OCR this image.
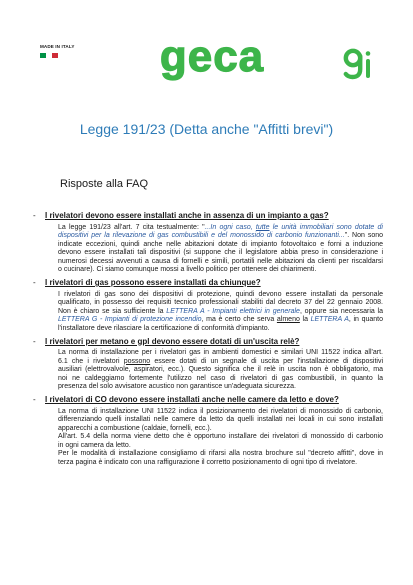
MADE IN ITALY geca
Legge 191/23 (Detta anche "Affitti brevi")
Risposte alla FAQ
- I rivelatori devono essere installati anche in assenza di un impianto a gas?
La legge 191/23 all'art. 7 cita testualmente: "...In ogni caso, tutte le unità immobiliari sono dotate di
dispositivi per la rilevazione di gas combustibili e del monossido di carbonio funzionanti...". Non sono
indicate eccezioni, quindi anche nelle abitazioni dotate di impianto fotovoltaico e forni a induzione
devono essere installati tali dispositivi (si suppone che il legislatore abbia preso in considerazione i
numerosi decessi avvenuti a causa di fornelli e simili, portatili nelle abitazioni da clienti per riscaldarsi
o cucinare). Ci siamo comunque mossi a livello politico per ottenere dei chiarimenti.
- I rivelatori di gas possono essere installati da chiunque?
I rivelatori di gas sono dei dispositivi di protezione, quindi devono essere installati da personale
qualificato, in possesso dei requisiti tecnico professionali stabiliti dal decreto 37 del 22 gennaio 2008.
Non è chiaro se sia sufficiente la LETTERA A - Impianti elettrici in generale, oppure sia necessaria la
LETTERA G - Impianti di protezione incendio, ma è certo che serva almeno la LETTERA A, in quanto
l'installatore deve rilasciare la certificazione di conformità d'impianto.
- I rivelatori per metano e gpl devono essere dotati di un'uscita relè?
La norma di installazione per i rivelatori gas in ambienti domestici e similari UNI 11522 indica all'art.
6.1 che i rivelatori possono essere dotati di un segnale di uscita per l'installazione di dispositivi
ausiliari (elettrovalvole, aspiratori, ecc.). Questo significa che il relè in uscita non è obbligatorio, ma
noi ne caldeggiamo fortemente l'utilizzo nel caso di rivelatori di gas combustibili, in quanto la
presenza del solo avvisatore acustico non garantisce un'adeguata sicurezza.
- I rivelatori di CO devono essere installati anche nelle camere da letto e dove?
La norma di installazione UNI 11522 indica il posizionamento dei rivelatori di monossido di carbonio,
differenziando quelli installati nelle camere da letto da quelli installati nei locali in cui sono installati
apparecchi a combustione (caldaie, fornelli, ecc.).
All'art. 5.4 della norma viene detto che è opportuno installare dei rivelatori di monossido di carbonio
in ogni camera da letto.
Per le modalità di installazione consigliamo di rifarsi alla nostra brochure sul "decreto affitti", dove in
terza pagina è indicato con una raffigurazione il corretto posizionamento di ogni tipo di rivelatore.
